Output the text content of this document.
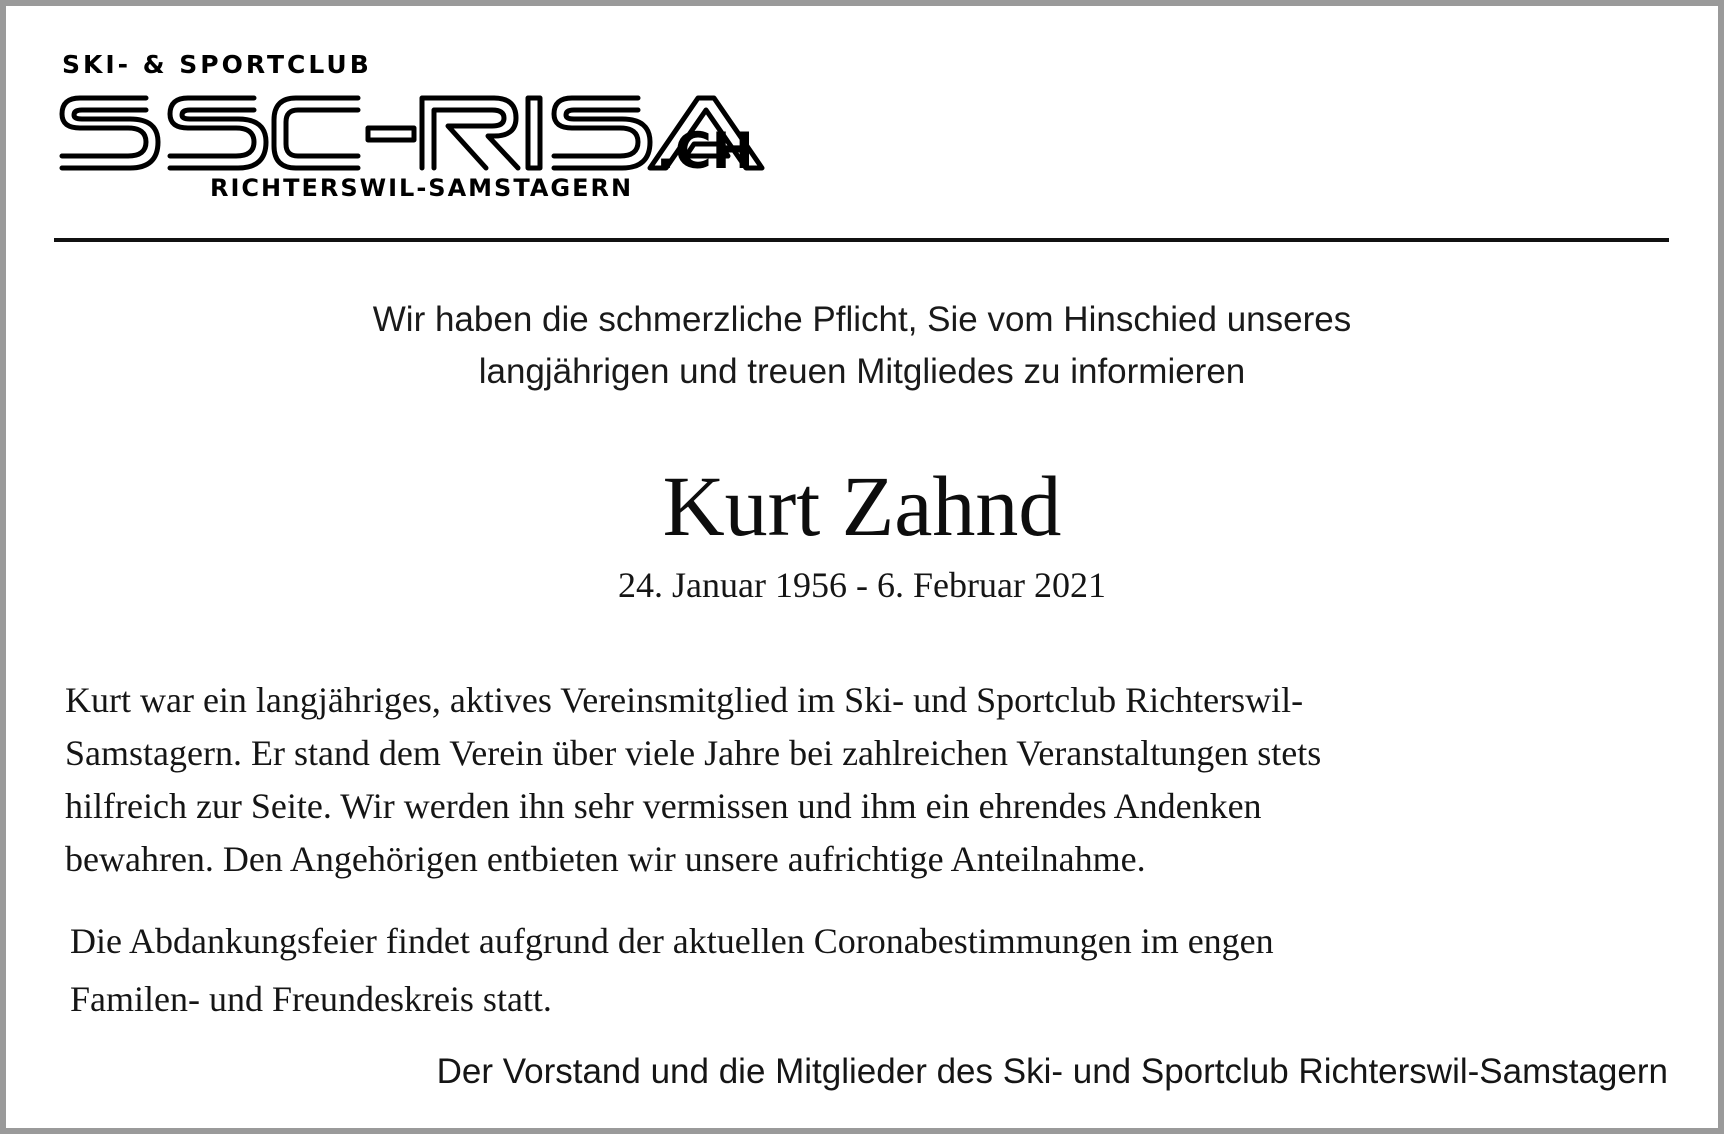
SKI- & SPORTCLUB
.CH
RICHTERSWIL-SAMSTAGERN
Wir haben die schmerzliche Pflicht, Sie vom Hinschied unseres
langjährigen und treuen Mitgliedes zu informieren
Kurt Zahnd
24. Januar 1956 - 6. Februar 2021
Kurt war ein langjähriges, aktives Vereinsmitglied im Ski- und Sportclub Richterswil-
Samstagern. Er stand dem Verein über viele Jahre bei zahlreichen Veranstaltungen stets
hilfreich zur Seite. Wir werden ihn sehr vermissen und ihm ein ehrendes Andenken
bewahren. Den Angehörigen entbieten wir unsere aufrichtige Anteilnahme.
Die Abdankungsfeier findet aufgrund der aktuellen Coronabestimmungen im engen
Familen- und Freundeskreis statt.
Der Vorstand und die Mitglieder des Ski- und Sportclub Richterswil-Samstagern
